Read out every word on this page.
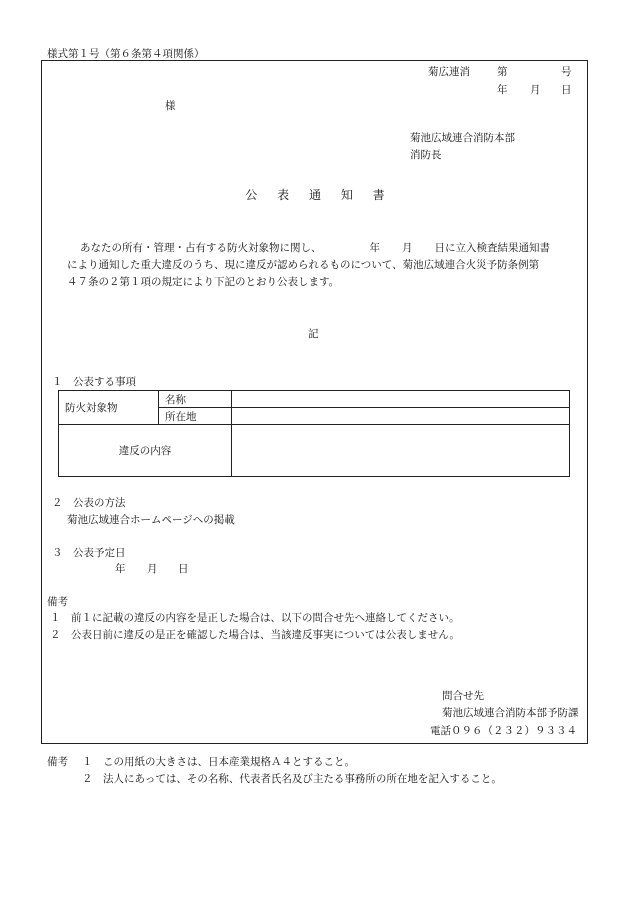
様式第１号（第６条第４項関係）
菊広連消	第	号
年 月 日
様
菊池広域連合消防本部
消防長
公 表 通 知 書

あなたの所有・管理・占有する防火対象物に関し、	年 月 日に立入検査結果通知書

により通知した重大違反のうち、現に違反が認められるものについて、菊池広域連合火災予防条例第

４７条の２第１項の規定により下記のとおり公表します。

記
１　公表する事項
防火対象物	名称	
	所在地	
違反の内容		
２　公表の方法
菊池広域連合ホームページへの掲載
３　公表予定日
年 月 日
備考
１　前１に記載の違反の内容を是正した場合は、以下の問合せ先へ連絡してください。
２　公表日前に違反の是正を確認した場合は、当該違反事実については公表しません。
問合せ先
菊池広域連合消防本部予防課
電話０９６（２３２）９３３４
備考 １　この用紙の大きさは、日本産業規格Ａ４とすること。
２　法人にあっては、その名称、代表者氏名及び主たる事務所の所在地を記入すること。
